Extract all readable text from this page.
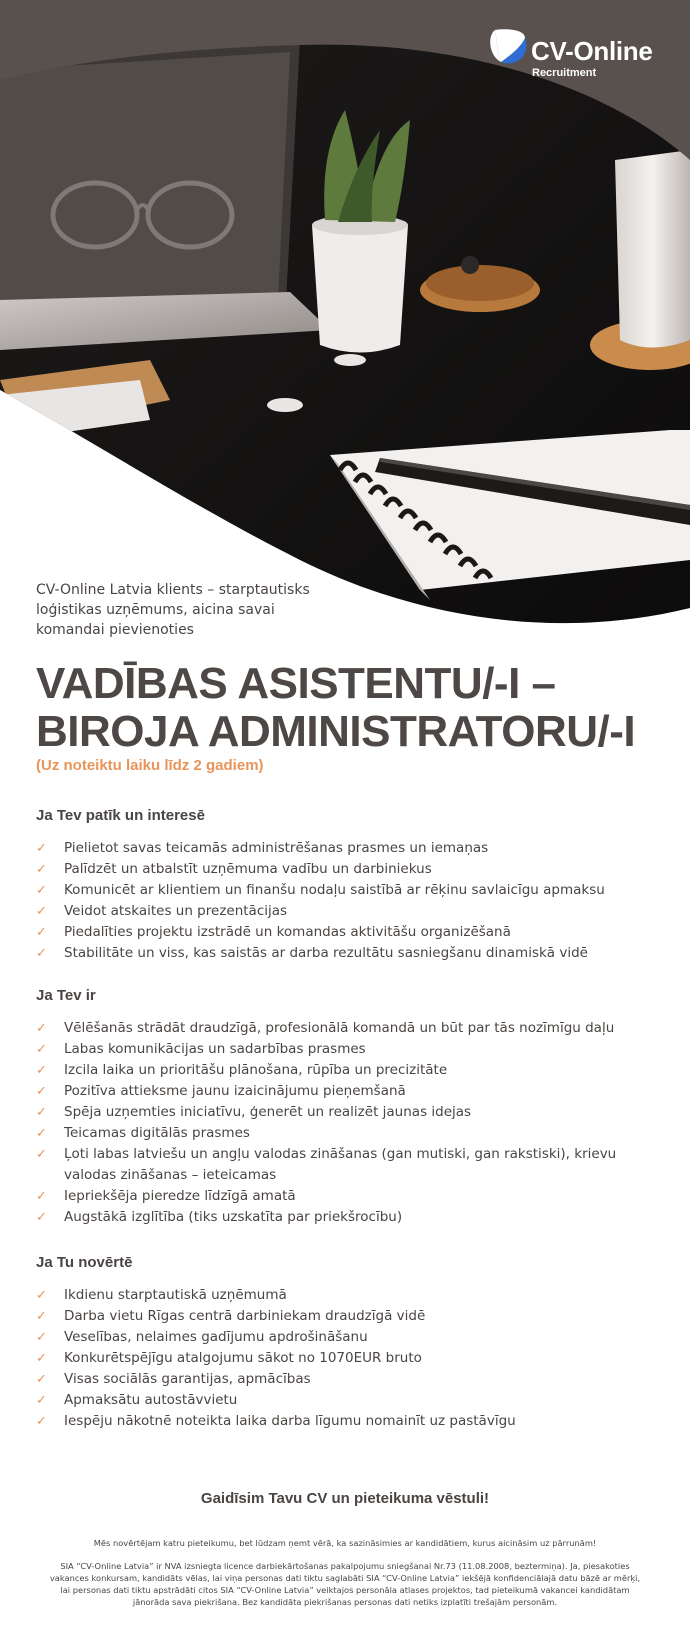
CV-Online
Recruitment

CV-Online Latvia klients – starptautisks loģistikas uzņēmums, aicina savai komandai pievienoties

VADĪBAS ASISTENTU/-I – BIROJA ADMINISTRATORU/-I

(Uz noteiktu laiku līdz 2 gadiem)

Ja Tev patīk un interesē
✓ Pielietot savas teicamās administrēšanas prasmes un iemaņas
✓ Palīdzēt un atbalstīt uzņēmuma vadību un darbiniekus
✓ Komunicēt ar klientiem un finanšu nodaļu saistībā ar rēķinu savlaicīgu apmaksu
✓ Veidot atskaites un prezentācijas
✓ Piedalīties projektu izstrādē un komandas aktivitāšu organizēšanā
✓ Stabilitāte un viss, kas saistās ar darba rezultātu sasniegšanu dinamiskā vidē
Ja Tev ir
✓ Vēlēšanās strādāt draudzīgā, profesionālā komandā un būt par tās nozīmīgu daļu
✓ Labas komunikācijas un sadarbības prasmes
✓ Izcila laika un prioritāšu plānošana, rūpība un precizitāte
✓ Pozitīva attieksme jaunu izaicinājumu pieņemšanā
✓ Spēja uzņemties iniciatīvu, ģenerēt un realizēt jaunas idejas
✓ Teicamas digitālās prasmes
✓ Ļoti labas latviešu un angļu valodas zināšanas (gan mutiski, gan rakstiski), krievu valodas zināšanas – ieteicamas
✓ Iepriekšēja pieredze līdzīgā amatā
✓ Augstākā izglītība (tiks uzskatīta par priekšrocību)
Ja Tu novērtē
✓ Ikdienu starptautiskā uzņēmumā
✓ Darba vietu Rīgas centrā darbiniekam draudzīgā vidē
✓ Veselības, nelaimes gadījumu apdrošināšanu
✓ Konkurētspējīgu atalgojumu sākot no 1070EUR bruto
✓ Visas sociālās garantijas, apmācības
✓ Apmaksātu autostāvvietu
✓ Iespēju nākotnē noteikta laika darba līgumu nomainīt uz pastāvīgu

Gaidīsim Tavu CV un pieteikuma vēstuli!

Mēs novērtējam katru pieteikumu, bet lūdzam ņemt vērā, ka sazināsimies ar kandidātiem, kurus aicināsim uz pārrunām!

SIA “CV-Online Latvia” ir NVA izsniegta licence darbiekārtošanas pakalpojumu sniegšanai Nr.73 (11.08.2008, beztermiņa). Ja, piesakoties vakances konkursam, kandidāts vēlas, lai viņa personas dati tiktu saglabāti SIA “CV-Online Latvia” iekšējā konfidenciālajā datu bāzē ar mērķi, lai personas dati tiktu apstrādāti citos SIA “CV-Online Latvia” veiktajos personāla atlases projektos, tad pieteikumā vakancei kandidātam jānorāda sava piekrišana. Bez kandidāta piekrišanas personas dati netiks izplatīti trešajām personām.
